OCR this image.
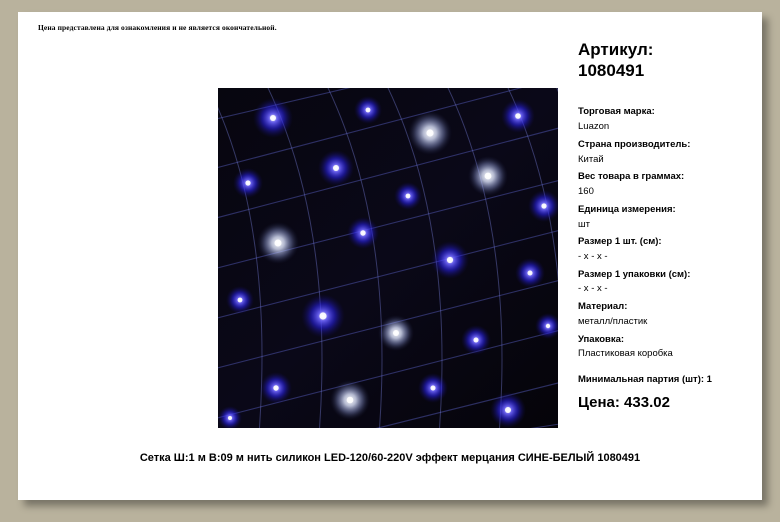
Цена представлена для ознакомления и не является окончательной.
Артикул:
1080491
Торговая марка:
Luazon
Страна производитель:
Китай
Вес товара в граммах:
160
Единица измерения:
шт
Размер 1 шт. (см):
- x - x -
Размер 1 упаковки (см):
- x - x -
Материал:
металл/пластик
Упаковка:
Пластиковая коробка
Минимальная партия (шт): 1
Цена: 433.02
Сетка Ш:1 м В:09 м нить силикон LED-120/60-220V эффект мерцания СИНЕ-БЕЛЫЙ 1080491
